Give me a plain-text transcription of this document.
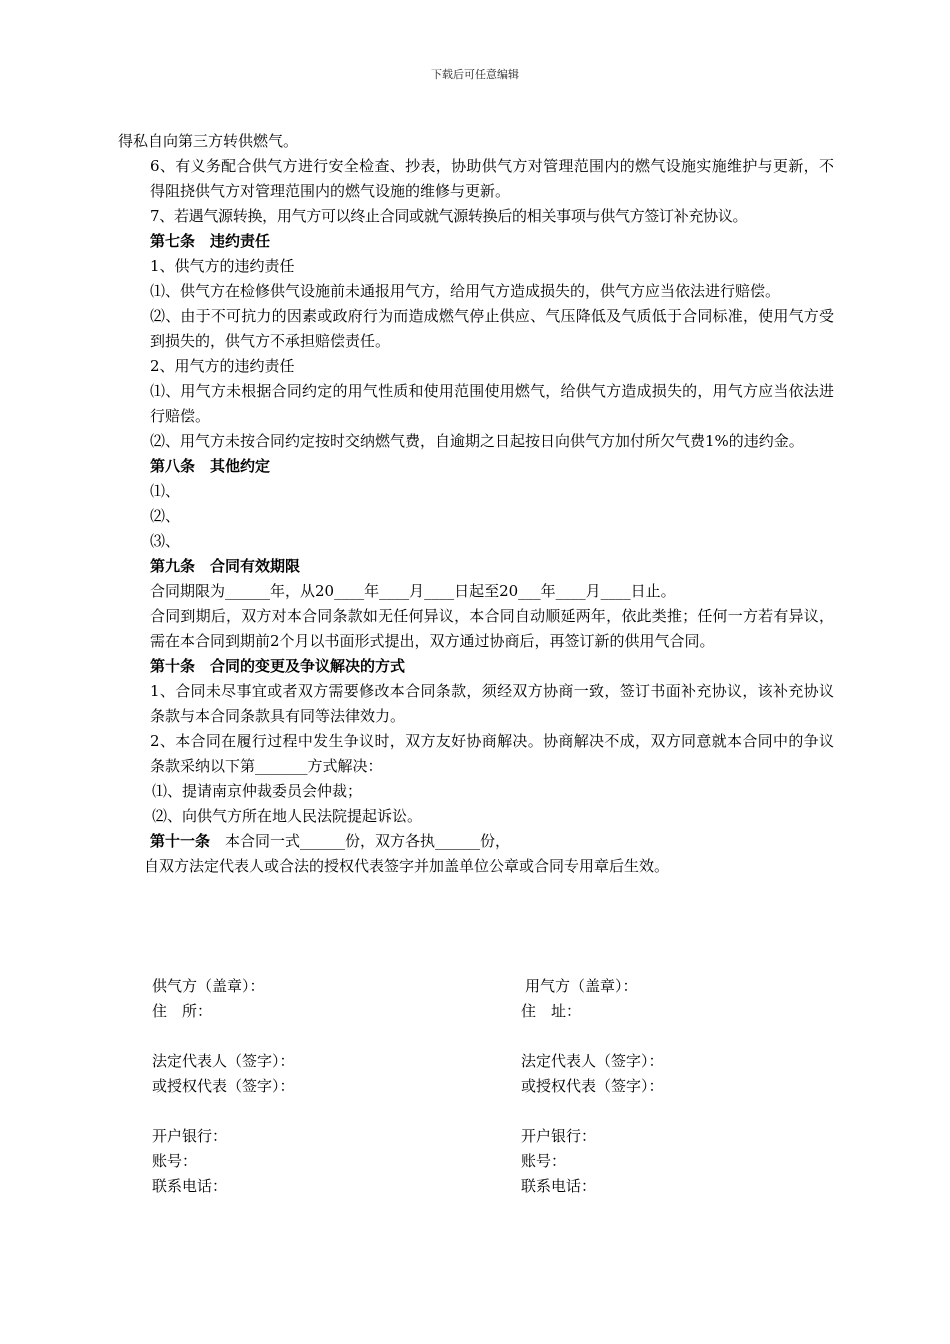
下载后可任意编辑

得私自向第三方转供燃气。

6、有义务配合供气方进行安全检查、抄表，协助供气方对管理范围内的燃气设施实施维护与更新，不得阻挠供气方对管理范围内的燃气设施的维修与更新。

7、若遇气源转换，用气方可以终止合同或就气源转换后的相关事项与供气方签订补充协议。

第七条　违约责任

1、供气方的违约责任

⑴、供气方在检修供气设施前未通报用气方，给用气方造成损失的，供气方应当依法进行赔偿。

⑵、由于不可抗力的因素或政府行为而造成燃气停止供应、气压降低及气质低于合同标准，使用气方受到损失的，供气方不承担赔偿责任。

2、用气方的违约责任

⑴、用气方未根据合同约定的用气性质和使用范围使用燃气，给供气方造成损失的，用气方应当依法进行赔偿。

⑵、用气方未按合同约定按时交纳燃气费，自逾期之日起按日向供气方加付所欠气费1%的违约金。

第八条　其他约定

⑴、

⑵、

⑶、

第九条　合同有效期限

合同期限为______年，从20____年____月____日起至20___年____月____日止。

合同到期后，双方对本合同条款如无任何异议，本合同自动顺延两年，依此类推；任何一方若有异议，需在本合同到期前2个月以书面形式提出，双方通过协商后，再签订新的供用气合同。

第十条　合同的变更及争议解决的方式

1、合同未尽事宜或者双方需要修改本合同条款，须经双方协商一致，签订书面补充协议，该补充协议条款与本合同条款具有同等法律效力。

2、本合同在履行过程中发生争议时，双方友好协商解决。协商解决不成，双方同意就本合同中的争议条款采纳以下第_______方式解决：

⑴、提请南京仲裁委员会仲裁；

⑵、向供气方所在地人民法院提起诉讼。

第十一条　本合同一式______份，双方各执______份，

自双方法定代表人或合法的授权代表签字并加盖单位公章或合同专用章后生效。

供气方（盖章）：
住　所：
法定代表人（签字）：
或授权代表（签字）：
开户银行：
账号：
联系电话：
用气方（盖章）：
住　址：
法定代表人（签字）：
或授权代表（签字）：
开户银行：
账号：
联系电话：
